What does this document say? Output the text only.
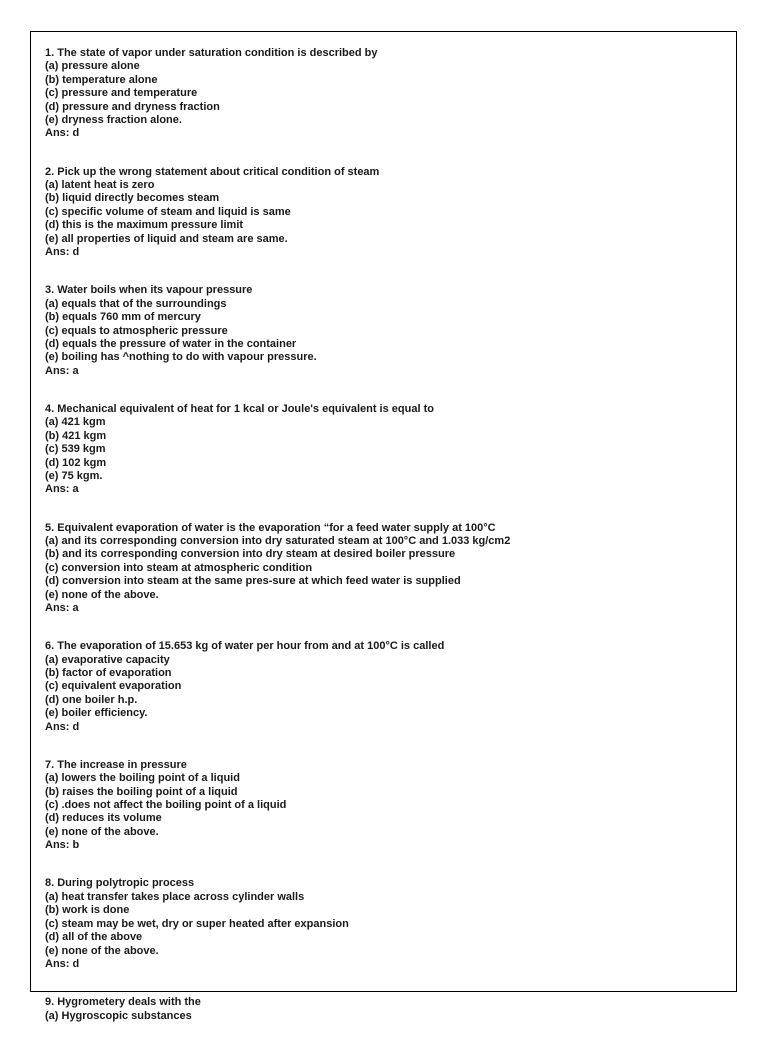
1. The state of vapor under saturation condition is described by
(a) pressure alone
(b) temperature alone
(c) pressure and temperature
(d) pressure and dryness fraction
(e) dryness fraction alone.
Ans: d
2. Pick up the wrong statement about critical condition of steam
(a) latent heat is zero
(b) liquid directly becomes steam
(c) specific volume of steam and liquid is same
(d) this is the maximum pressure limit
(e) all properties of liquid and steam are same.
Ans: d
3. Water boils when its vapour pressure
(a) equals that of the surroundings
(b) equals 760 mm of mercury
(c) equals to atmospheric pressure
(d) equals the pressure of water in the container
(e) boiling has ^nothing to do with vapour pressure.
Ans: a
4. Mechanical equivalent of heat for 1 kcal or Joule's equivalent is equal to
(a) 421 kgm
(b) 421 kgm
(c) 539 kgm
(d) 102 kgm
(e) 75 kgm.
Ans: a
5. Equivalent evaporation of water is the evaporation “for a feed water supply at 100°C
(a) and its corresponding conversion into dry saturated steam at 100°C and 1.033 kg/cm2
(b) and its corresponding conversion into dry steam at desired boiler pressure
(c) conversion into steam at atmospheric condition
(d) conversion into steam at the same pres-sure at which feed water is supplied
(e) none of the above.
Ans: a
6. The evaporation of 15.653 kg of water per hour from and at 100°C is called
(a) evaporative capacity
(b) factor of evaporation
(c) equivalent evaporation
(d) one boiler h.p.
(e) boiler efficiency.
Ans: d
7. The increase in pressure
(a) lowers the boiling point of a liquid
(b) raises the boiling point of a liquid
(c) .does not affect the boiling point of a liquid
(d) reduces its volume
(e) none of the above.
Ans: b
8. During polytropic process
(a) heat transfer takes place across cylinder walls
(b) work is done
(c) steam may be wet, dry or super heated after expansion
(d) all of the above
(e) none of the above.
Ans: d
9. Hygrometery deals with the
(a) Hygroscopic substances
